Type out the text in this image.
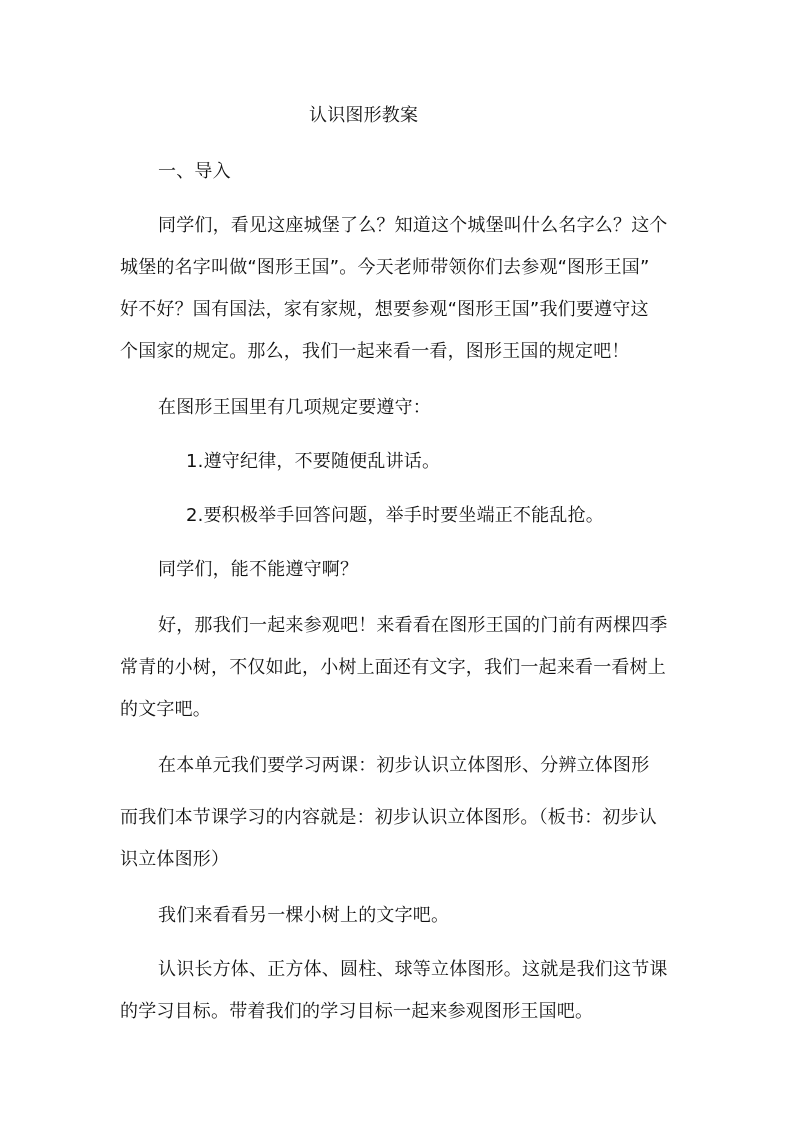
认识图形教案
一、导入
同学们，看见这座城堡了么？知道这个城堡叫什么名字么？这个
城堡的名字叫做“图形王国”。今天老师带领你们去参观“图形王国”
好不好？国有国法，家有家规，想要参观“图形王国”我们要遵守这
个国家的规定。那么，我们一起来看一看，图形王国的规定吧！
在图形王国里有几项规定要遵守：
1.遵守纪律，不要随便乱讲话。
2.要积极举手回答问题，举手时要坐端正不能乱抢。
同学们，能不能遵守啊？
好，那我们一起来参观吧！来看看在图形王国的门前有两棵四季
常青的小树，不仅如此，小树上面还有文字，我们一起来看一看树上
的文字吧。
在本单元我们要学习两课：初步认识立体图形、分辨立体图形
而我们本节课学习的内容就是：初步认识立体图形。（板书：初步认
识立体图形）
我们来看看另一棵小树上的文字吧。
认识长方体、正方体、圆柱、球等立体图形。这就是我们这节课
的学习目标。带着我们的学习目标一起来参观图形王国吧。
